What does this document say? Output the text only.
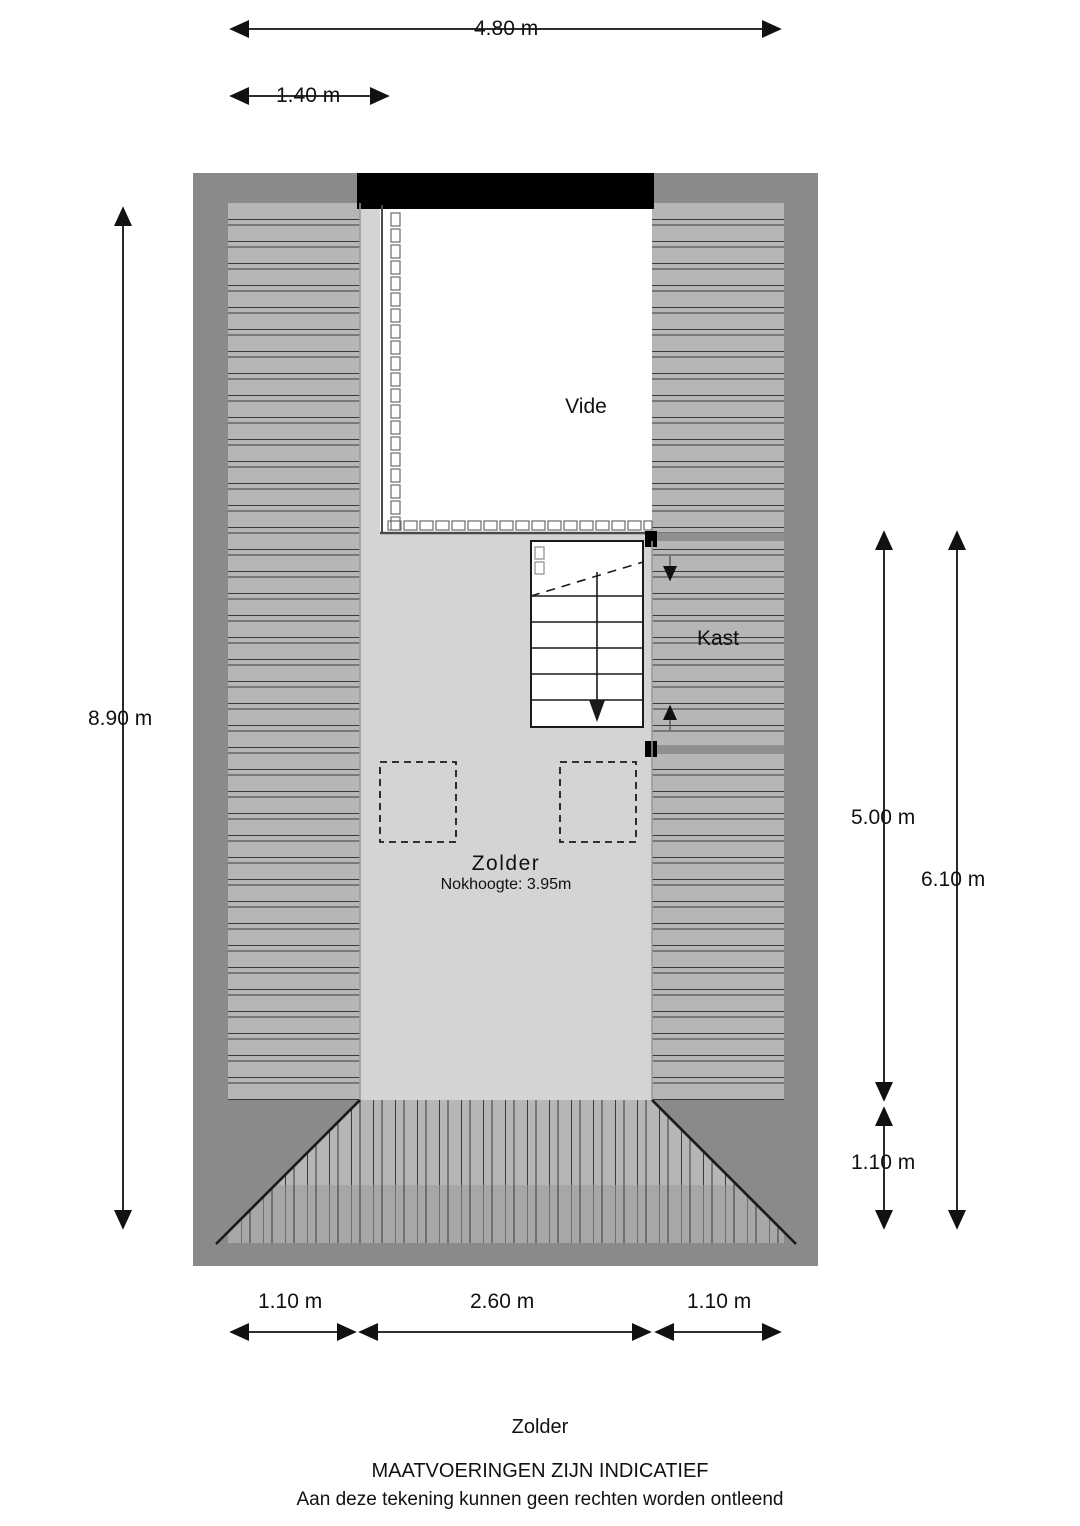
4.80 m
1.40 m
8.90 m
5.00 m
6.10 m
1.10 m
1.10 m	2.60 m	1.10 m
Vide
Kast
Zolder
Nokhoogte: 3.95m
Zolder
MAATVOERINGEN ZIJN INDICATIEF
Aan deze tekening kunnen geen rechten worden ontleend
